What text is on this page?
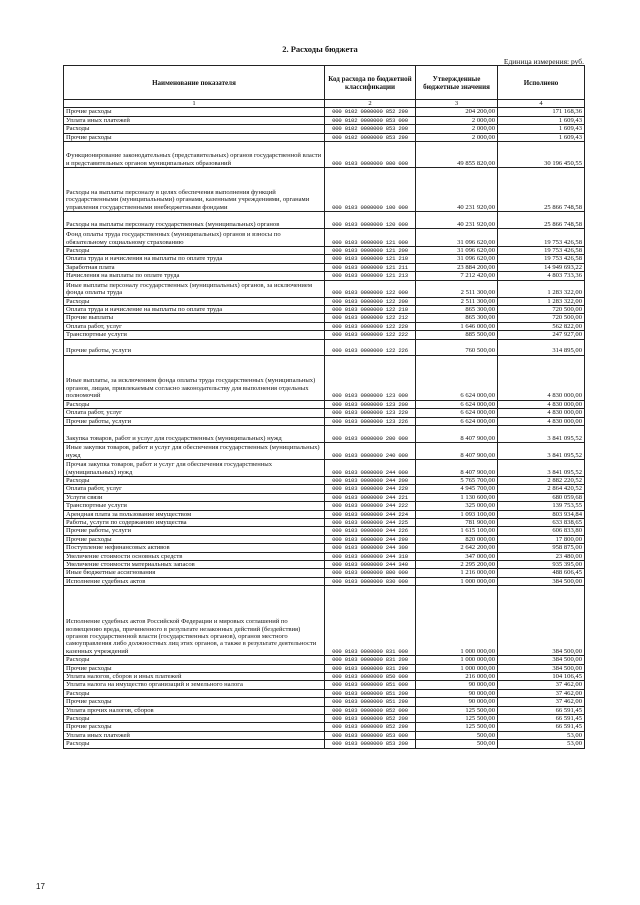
2. Расходы бюджета
Единица измерения: руб.
Наименование показателя	Код расхода по бюджетной классификации	Утвержденные бюджетные значения	Исполнено
1	2	3	4
Прочие расходы	000 0102 0000000 852 290	204 200,00	171 168,36
Уплата иных платежей	000 0102 0000000 853 000	2 000,00	1 609,43
Расходы	000 0102 0000000 853 200	2 000,00	1 609,43
Прочие расходы	000 0102 0000000 853 290	2 000,00	1 609,43
Функционирование законодательных (представительных) органов государственной власти и представительных органов муниципальных образований	000 0103 0000000 000 000	49 855 820,00	30 196 450,55
Расходы на выплаты персоналу в целях обеспечения выполнения функций государственными (муниципальными) органами, казенными учреждениями, органами управления государственными внебюджетными фондами	000 0103 0000000 100 000	40 231 920,00	25 866 748,58
Расходы на выплаты персоналу государственных (муниципальных) органов	000 0103 0000000 120 000	40 231 920,00	25 866 748,58
Фонд оплаты труда государственных (муниципальных) органов и взносы по обязательному социальному страхованию	000 0103 0000000 121 000	31 096 620,00	19 753 426,58
Расходы	000 0103 0000000 121 200	31 096 620,00	19 753 426,58
Оплата труда и начисления на выплаты по оплате труда	000 0103 0000000 121 210	31 096 620,00	19 753 426,58
Заработная плата	000 0103 0000000 121 211	23 884 200,00	14 949 693,22
Начисления на выплаты по оплате труда	000 0103 0000000 121 213	7 212 420,00	4 803 733,36
Иные выплаты персоналу государственных (муниципальных) органов, за исключением фонда оплаты труда	000 0103 0000000 122 000	2 511 300,00	1 283 322,00
Расходы	000 0103 0000000 122 200	2 511 300,00	1 283 322,00
Оплата труда и начисление на выплаты по оплате труда	000 0103 0000000 122 210	865 300,00	720 500,00
Прочие выплаты	000 0103 0000000 122 212	865 300,00	720 500,00
Оплата работ, услуг	000 0103 0000000 122 220	1 646 000,00	562 822,00
Транспортные услуги	000 0103 0000000 122 222	885 500,00	247 927,00
Прочие работы, услуги	000 0103 0000000 122 226	760 500,00	314 895,00
Иные выплаты, за исключением фонда оплаты труда государственных (муниципальных) органов, лицам, привлекаемым согласно законодательству для выполнения отдельных полномочий	000 0103 0000000 123 000	6 624 000,00	4 830 000,00
Расходы	000 0103 0000000 123 200	6 624 000,00	4 830 000,00
Оплата работ, услуг	000 0103 0000000 123 220	6 624 000,00	4 830 000,00
Прочие работы, услуги	000 0103 0000000 123 226	6 624 000,00	4 830 000,00
Закупка товаров, работ и услуг для государственных (муниципальных) нужд	000 0103 0000000 200 000	8 407 900,00	3 841 095,52
Иные закупки товаров, работ и услуг для обеспечения государственных (муниципальных) нужд	000 0103 0000000 240 000	8 407 900,00	3 841 095,52
Прочая закупка товаров, работ и услуг для обеспечения государственных (муниципальных) нужд	000 0103 0000000 244 000	8 407 900,00	3 841 095,52
Расходы	000 0103 0000000 244 200	5 765 700,00	2 882 220,52
Оплата работ, услуг	000 0103 0000000 244 220	4 945 700,00	2 864 420,52
Услуги связи	000 0103 0000000 244 221	1 130 600,00	680 059,68
Транспортные услуги	000 0103 0000000 244 222	325 000,00	139 753,55
Арендная плата за пользование имуществом	000 0103 0000000 244 224	1 093 100,00	803 934,84
Работы, услуги по содержанию имущества	000 0103 0000000 244 225	781 900,00	633 838,65
Прочие работы, услуги	000 0103 0000000 244 226	1 615 100,00	606 833,80
Прочие расходы	000 0103 0000000 244 290	820 000,00	17 800,00
Поступление нефинансовых активов	000 0103 0000000 244 300	2 642 200,00	958 875,00
Увеличение стоимости основных средств	000 0103 0000000 244 310	347 000,00	23 480,00
Увеличение стоимости материальных запасов	000 0103 0000000 244 340	2 295 200,00	935 395,00
Иные бюджетные ассигнования	000 0103 0000000 800 000	1 216 000,00	488 606,45
Исполнение судебных актов	000 0103 0000000 830 000	1 000 000,00	384 500,00
Исполнение судебных актов Российской Федерации и мировых соглашений по возмещению вреда, причиненного в результате незаконных действий (бездействия) органов государственной власти (государственных органов), органов местного самоуправления либо должностных лиц этих органов, а также в результате деятельности казенных учреждений	000 0103 0000000 831 000	1 000 000,00	384 500,00
Расходы	000 0103 0000000 831 200	1 000 000,00	384 500,00
Прочие расходы	000 0103 0000000 831 290	1 000 000,00	384 500,00
Уплата налогов, сборов и иных платежей	000 0103 0000000 850 000	216 000,00	104 106,45
Уплата налога на имущество организаций и земельного налога	000 0103 0000000 851 000	90 000,00	37 462,00
Расходы	000 0103 0000000 851 200	90 000,00	37 462,00
Прочие расходы	000 0103 0000000 851 290	90 000,00	37 462,00
Уплата прочих налогов, сборов	000 0103 0000000 852 000	125 500,00	66 591,45
Расходы	000 0103 0000000 852 200	125 500,00	66 591,45
Прочие расходы	000 0103 0000000 852 290	125 500,00	66 591,45
Уплата иных платежей	000 0103 0000000 853 000	500,00	53,00
Расходы	000 0103 0000000 853 200	500,00	53,00
17
